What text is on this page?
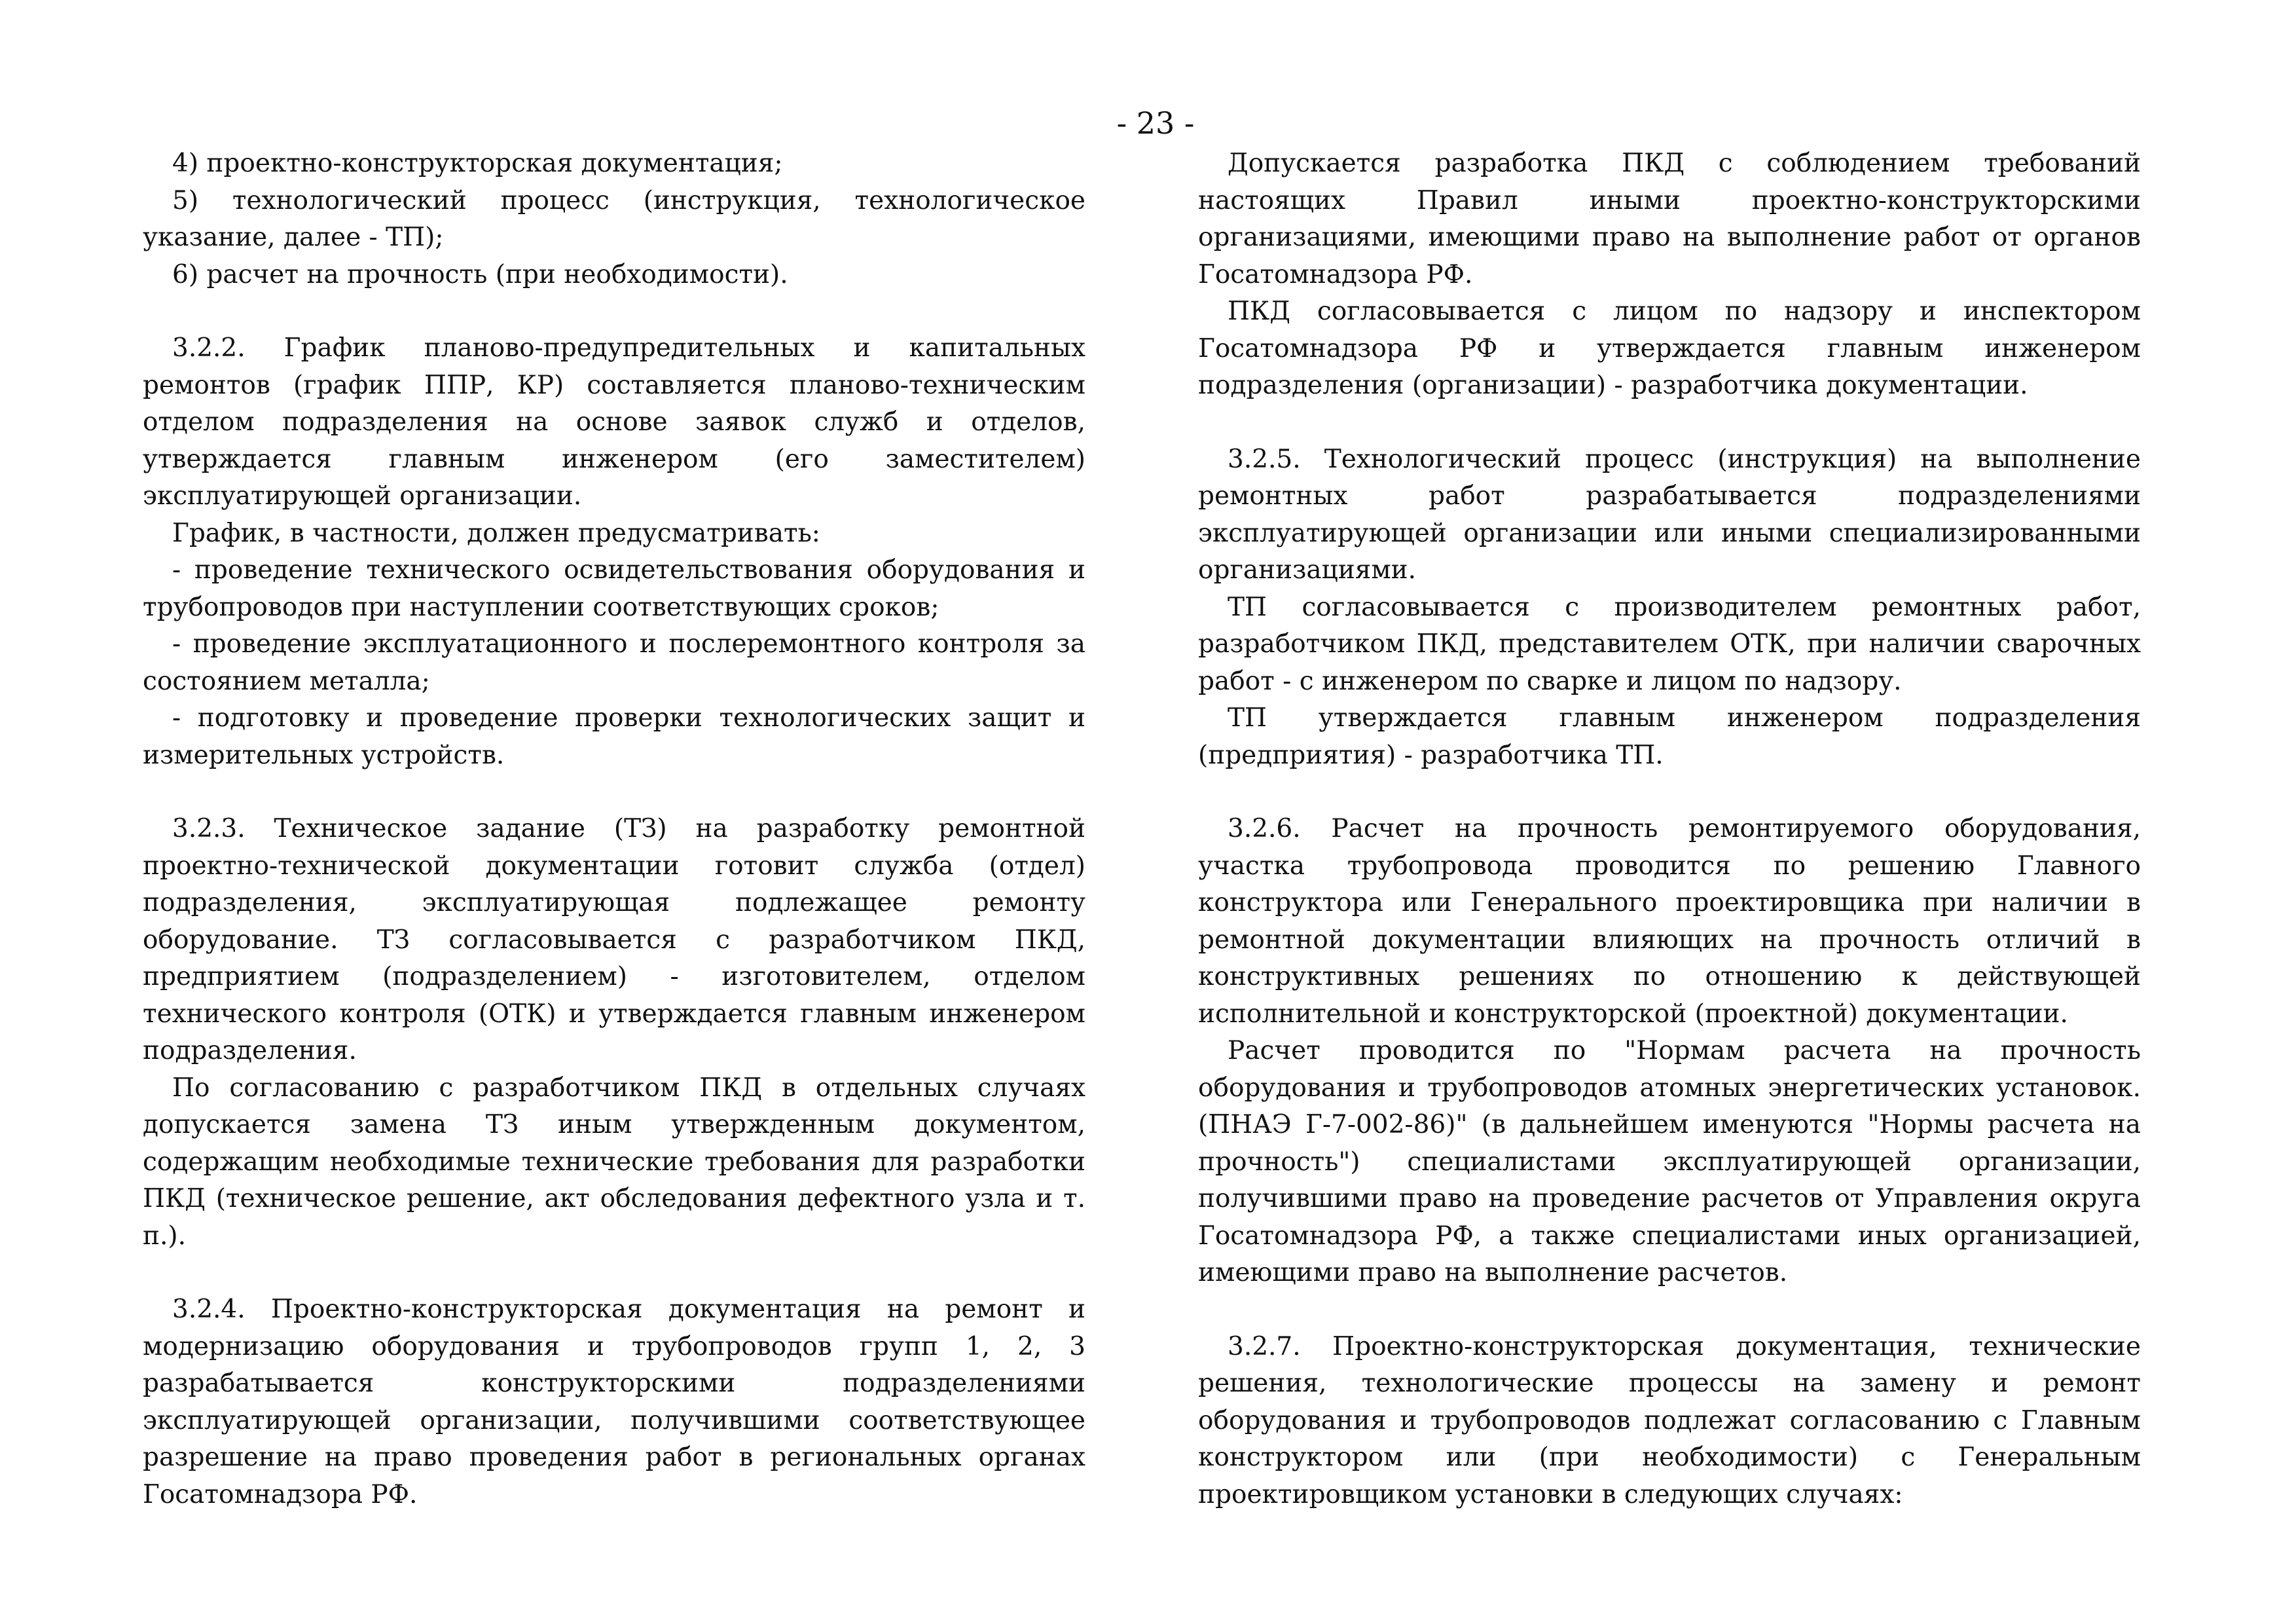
- 23 -

4) проектно-конструкторская документация;

5) технологический процесс (инструкция, технологическое указание, далее - ТП);

6) расчет на прочность (при необходимости).

3.2.2. График планово-предупредительных и капитальных ремонтов (график ППР, КР) составляется планово-техническим отделом подразделения на основе заявок служб и отделов, утверждается главным инженером (его заместителем) эксплуатирующей организации.

График, в частности, должен предусматривать:

- проведение технического освидетельствования оборудования и трубопроводов при наступлении соответствующих сроков;

- проведение эксплуатационного и послеремонтного контроля за состоянием металла;

- подготовку и проведение проверки технологических защит и измерительных устройств.

3.2.3. Техническое задание (ТЗ) на разработку ремонтной проектно-технической документации готовит служба (отдел) подразделения, эксплуатирующая подлежащее ремонту оборудование. ТЗ согласовывается с разработчиком ПКД, предприятием (подразделением) - изготовителем, отделом технического контроля (ОТК) и утверждается главным инженером подразделения.

По согласованию с разработчиком ПКД в отдельных случаях допускается замена ТЗ иным утвержденным документом, содержащим необходимые технические требования для разработки ПКД (техническое решение, акт обследования дефектного узла и т. п.).

3.2.4. Проектно-конструкторская документация на ремонт и модернизацию оборудования и трубопроводов групп 1, 2, 3 разрабатывается конструкторскими подразделениями эксплуатирующей организации, получившими соответствующее разрешение на право проведения работ в региональных органах Госатомнадзора РФ.

Допускается разработка ПКД с соблюдением требований настоящих Правил иными проектно-конструкторскими организациями, имеющими право на выполнение работ от органов Госатомнадзора РФ.

ПКД согласовывается с лицом по надзору и инспектором Госатомнадзора РФ и утверждается главным инженером подразделения (организации) - разработчика документации.

3.2.5. Технологический процесс (инструкция) на выполнение ремонтных работ разрабатывается подразделениями эксплуатирующей организации или иными специализированными организациями.

ТП согласовывается с производителем ремонтных работ, разработчиком ПКД, представителем ОТК, при наличии сварочных работ - с инженером по сварке и лицом по надзору.

ТП утверждается главным инженером подразделения (предприятия) - разработчика ТП.

3.2.6. Расчет на прочность ремонтируемого оборудования, участка трубопровода проводится по решению Главного конструктора или Генерального проектировщика при наличии в ремонтной документации влияющих на прочность отличий в конструктивных решениях по отношению к действующей исполнительной и конструкторской (проектной) документации.

Расчет проводится по "Нормам расчета на прочность оборудования и трубопроводов атомных энергетических установок. (ПНАЭ Г-7-002-86)" (в дальнейшем именуются "Нормы расчета на прочность") специалистами эксплуатирующей организации, получившими право на проведение расчетов от Управления округа Госатомнадзора РФ, а также специалистами иных организацией, имеющими право на выполнение расчетов.

3.2.7. Проектно-конструкторская документация, технические решения, технологические процессы на замену и ремонт оборудования и трубопроводов подлежат согласованию с Главным конструктором или (при необходимости) с Генеральным проектировщиком установки в следующих случаях:
